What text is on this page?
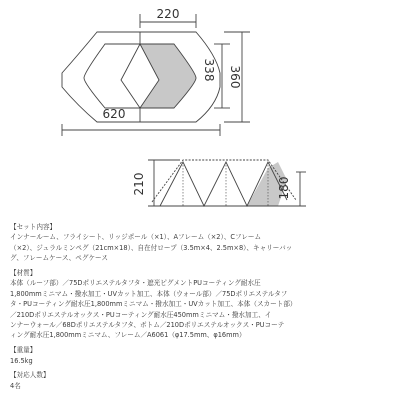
220
338 360
620
210	180

【セット内容】

インナールーム、フライシート、リッジポール（×1）、Aフレーム（×2）、Cフレーム

（×2）、ジュラルミンペグ（21cm×18）、自在付ロープ（3.5m×4、2.5m×8）、キャリーバッ

グ、フレームケース、ペグケース

【材質】

本体（ルーフ部）／75Dポリエステルタフタ・遮光ピグメントPUコーティング耐水圧

1,800mmミニマム・撥水加工・UVカット加工、本体（ウォール部）／75Dポリエステルタフ

タ・PUコーティング耐水圧1,800mmミニマム・撥水加工・UVカット加工、本体（スカート部）

／210Dポリエステルオックス・PUコーティング耐水圧450mmミニマム・撥水加工、イ

ンナーウォール／68Dポリエステルタフタ、ボトム／210Dポリエステルオックス・PUコーテ

ィング耐水圧1,800mmミニマム、フレーム／A6061（φ17.5mm、φ16mm）

【重量】

16.5kg

【対応人数】

4名
